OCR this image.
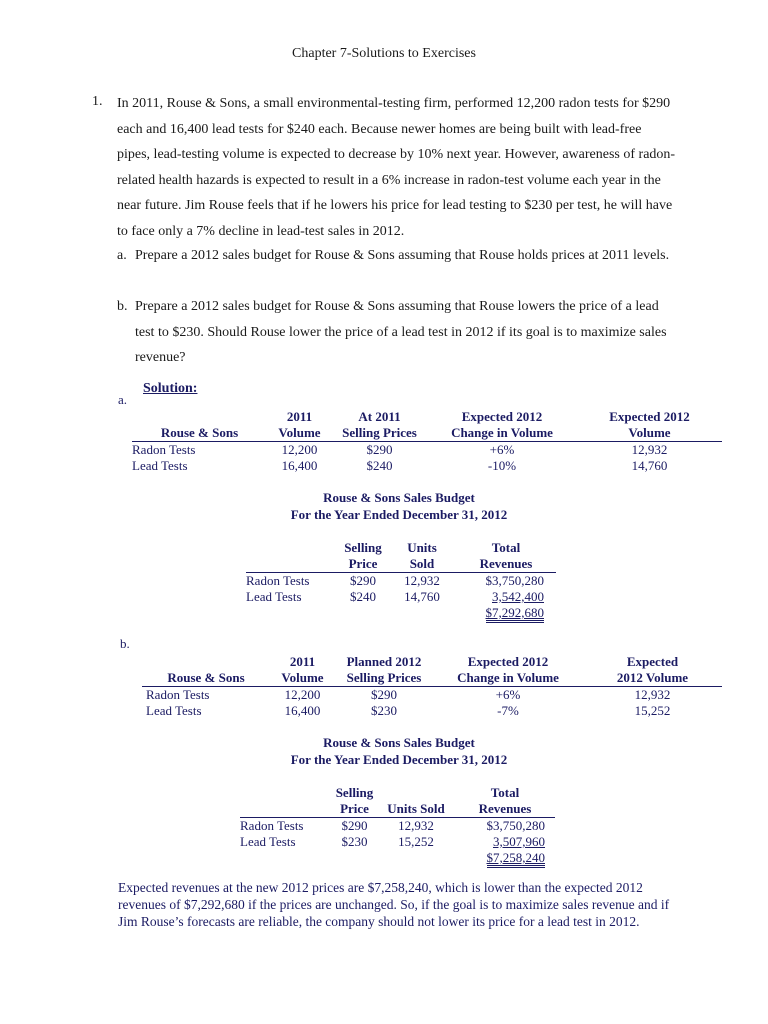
Chapter 7-Solutions to Exercises
1. In 2011, Rouse & Sons, a small environmental-testing firm, performed 12,200 radon tests for $290 each and 16,400 lead tests for $240 each. Because newer homes are being built with lead-free pipes, lead-testing volume is expected to decrease by 10% next year. However, awareness of radon-related health hazards is expected to result in a 6% increase in radon-test volume each year in the near future. Jim Rouse feels that if he lowers his price for lead testing to $230 per test, he will have to face only a 7% decline in lead-test sales in 2012.

a. Prepare a 2012 sales budget for Rouse & Sons assuming that Rouse holds prices at 2011 levels.

b. Prepare a 2012 sales budget for Rouse & Sons assuming that Rouse lowers the price of a lead test to $230. Should Rouse lower the price of a lead test in 2012 if its goal is to maximize sales revenue?

Solution:
a.
	2011	At 2011	Expected 2012	Expected 2012
Rouse & Sons	Volume	Selling Prices	Change in Volume	Volume
Radon Tests	12,200	$290	+6%	12,932
Lead Tests	16,400	$240	-10%	14,760
Rouse & Sons Sales Budget
For the Year Ended December 31, 2012
	Selling	Units	Total
	Price	Sold	Revenues
Radon Tests	$290	12,932	$3,750,280
Lead Tests	$240	14,760	3,542,400
			$7,292,680
b.
	2011	Planned 2012	Expected 2012	Expected
Rouse & Sons	Volume	Selling Prices	Change in Volume	2012 Volume
Radon Tests	12,200	$290	+6%	12,932
Lead Tests	16,400	$230	-7%	15,252
Rouse & Sons Sales Budget
For the Year Ended December 31, 2012
	Selling		Total
	Price	Units Sold	Revenues
Radon Tests	$290	12,932	$3,750,280
Lead Tests	$230	15,252	3,507,960
			$7,258,240

Expected revenues at the new 2012 prices are $7,258,240, which is lower than the expected 2012 revenues of $7,292,680 if the prices are unchanged. So, if the goal is to maximize sales revenue and if Jim Rouse’s forecasts are reliable, the company should not lower its price for a lead test in 2012.
